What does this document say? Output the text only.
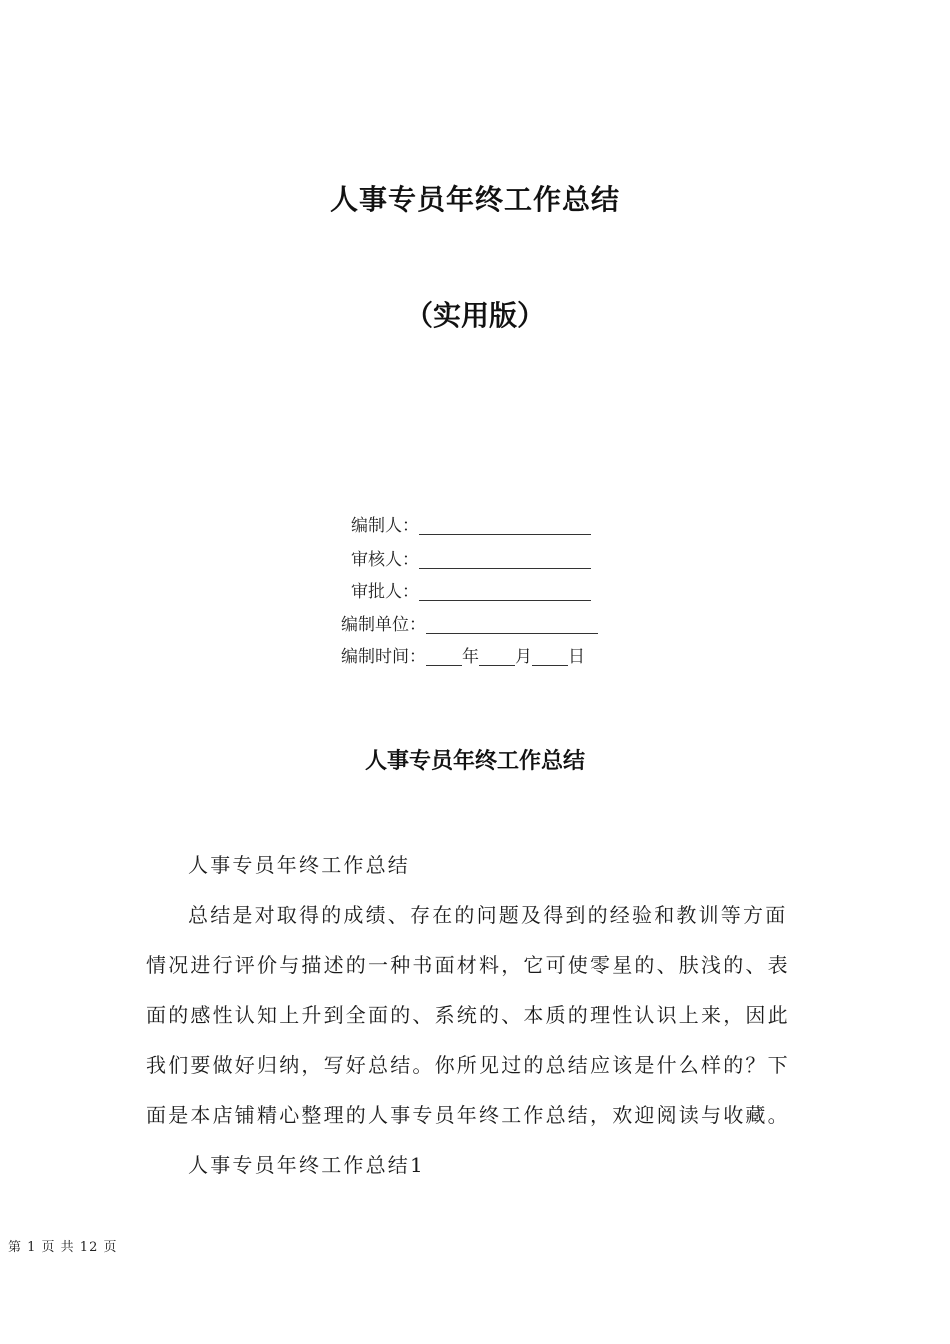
人事专员年终工作总结
（实用版）
编制人：
审核人：
审批人：
编制单位：
编制时间： 年 月 日
人事专员年终工作总结

人事专员年终工作总结

总结是对取得的成绩、存在的问题及得到的经验和教训等方面情况进行评价与描述的一种书面材料，它可使零星的、肤浅的、表面的感性认知上升到全面的、系统的、本质的理性认识上来，因此我们要做好归纳，写好总结。你所见过的总结应该是什么样的？下面是本店铺精心整理的人事专员年终工作总结，欢迎阅读与收藏。

人事专员年终工作总结1

第 1 页 共 12 页
